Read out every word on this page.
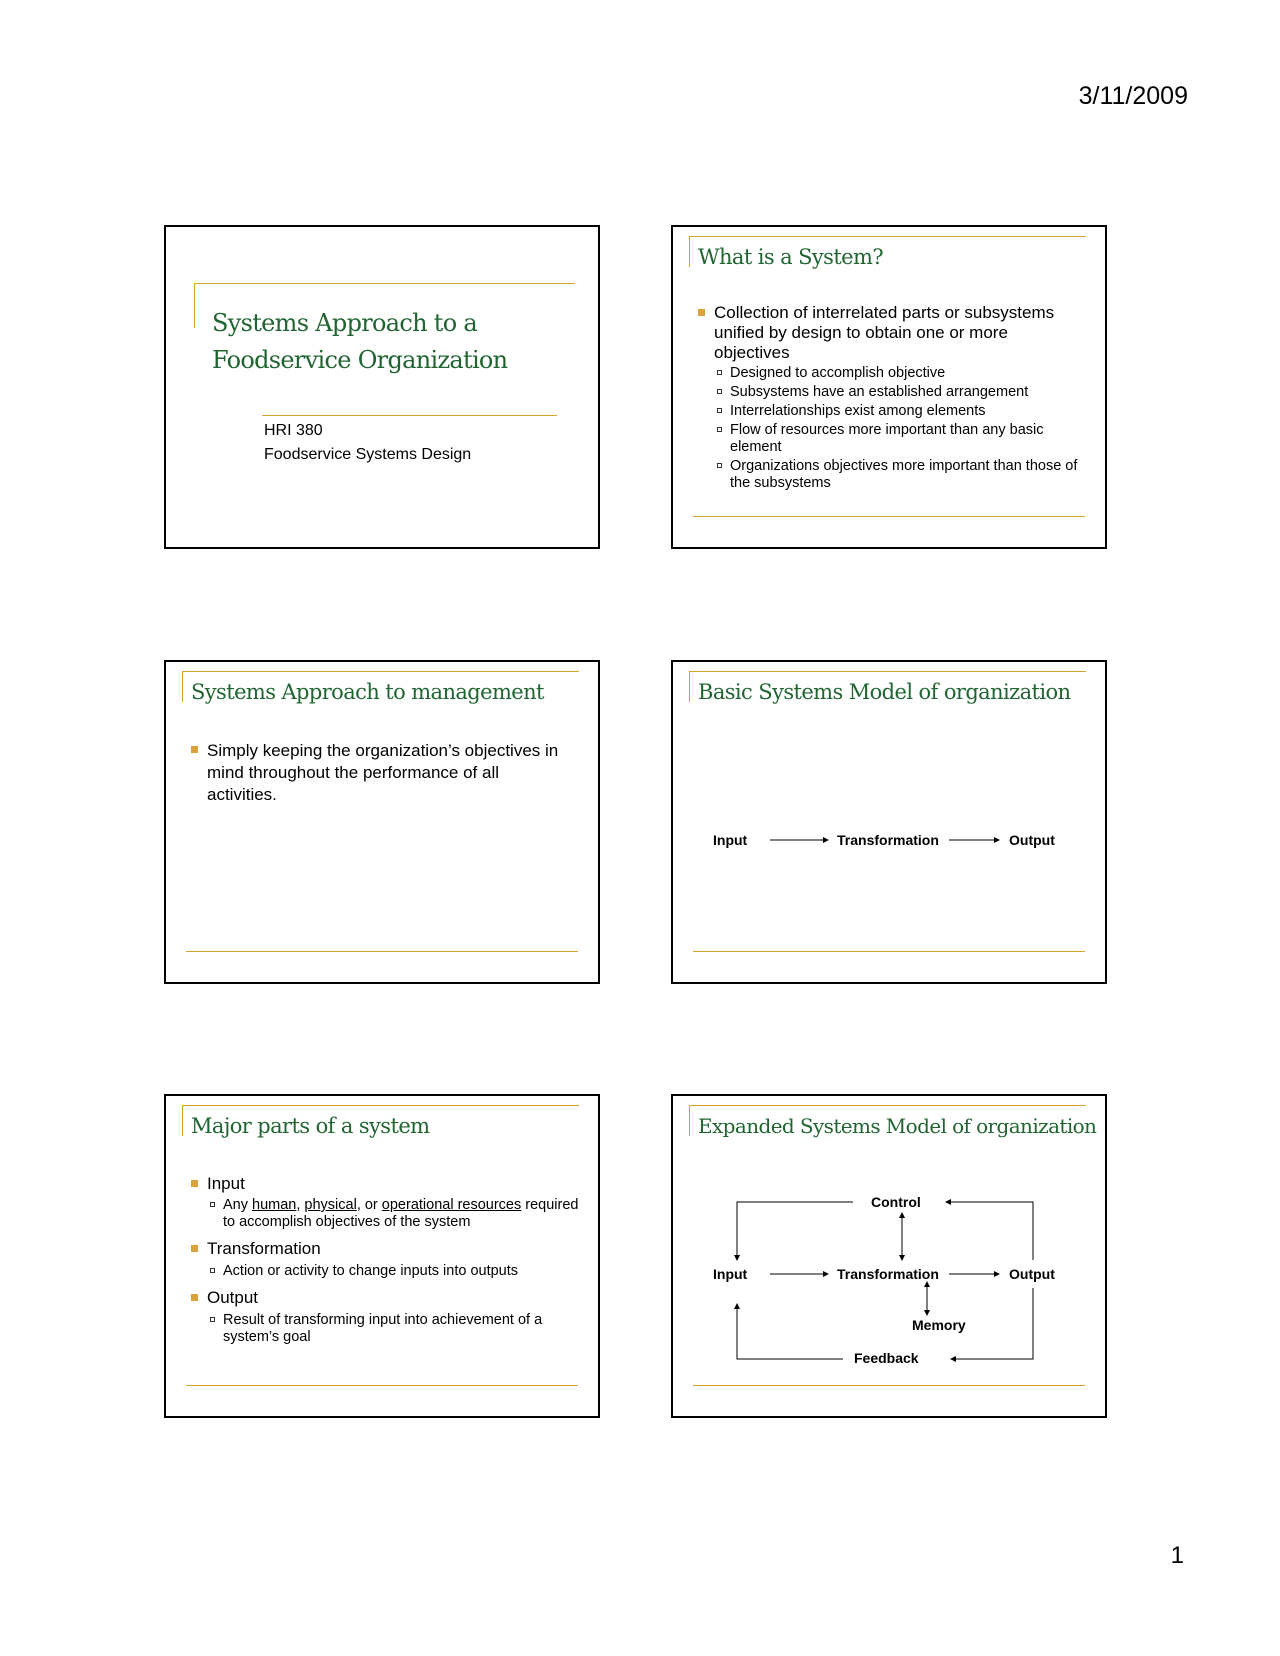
3/11/2009
Systems Approach to a
Foodservice Organization
HRI 380
Foodservice Systems Design
What is a System?
Collection of interrelated parts or subsystems unified by design to obtain one or more objectives
Designed to accomplish objective
Subsystems have an established arrangement
Interrelationships exist among elements
Flow of resources more important than any basic element
Organizations objectives more important than those of the subsystems
Systems Approach to management
Simply keeping the organization’s objectives in mind throughout the performance of all activities.
Basic Systems Model of organization
Input	Transformation	Output
Major parts of a system
Input
Any human, physical, or operational resources required to accomplish objectives of the system
Transformation
Action or activity to change inputs into outputs
Output
Result of transforming input into achievement of a system’s goal
Expanded Systems Model of organization
Control
Input	Transformation	Output
Memory
Feedback
1
